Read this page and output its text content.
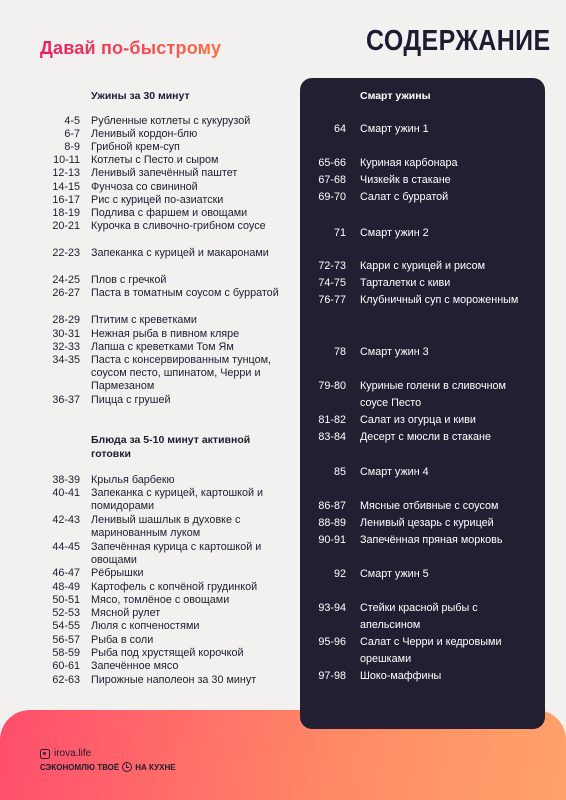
Давай по-быстрому	СОДЕРЖАНИЕ
Ужины за 30 минут
4-5 Рубленные котлеты с кукурузой
6-7 Ленивый кордон-блю
8-9 Грибной крем-суп
10-11 Котлеты с Песто и сыром
12-13 Ленивый запечённый паштет
14-15 Фунчоза со свининой
16-17 Рис с курицей по-азиатски
18-19 Подлива с фаршем и овощами
20-21 Курочка в сливочно-грибном соусе
22-23 Запеканка с курицей и макаронами
24-25 Плов с гречкой
26-27 Паста в томатным соусом с бурратой
28-29 Птитим с креветками
30-31 Нежная рыба в пивном кляре
32-33 Лапша с креветками Том Ям
34-35 Паста с консервированным тунцом, соусом песто, шпинатом, Черри и Пармезаном
36-37 Пицца с грушей
Блюда за 5-10 минут активной готовки
38-39 Крылья барбекю
40-41 Запеканка с курицей, картошкой и помидорами
42-43 Ленивый шашлык в духовке с маринованным луком
44-45 Запечённая курица с картошкой и овощами
46-47 Рёбрышки
48-49 Картофель с копчёной грудинкой
50-51 Мясо, томлёное с овощами
52-53 Мясной рулет
54-55 Люля с копченостями
56-57 Рыба в соли
58-59 Рыба под хрустящей корочкой
60-61 Запечённое мясо
62-63 Пирожные наполеон за 30 минут
Смарт ужины
64 Смарт ужин 1
65-66 Куриная карбонара
67-68 Чизкейк в стакане
69-70 Салат с бурратой
71 Смарт ужин 2
72-73 Карри с курицей и рисом
74-75 Тарталетки с киви
76-77 Клубничный суп с мороженным
78 Смарт ужин 3
79-80 Куриные голени в сливочном соусе Песто
81-82 Салат из огурца и киви
83-84 Десерт с мюсли в стакане
85 Смарт ужин 4
86-87 Мясные отбивные с соусом
88-89 Ленивый цезарь с курицей
90-91 Запечённая пряная морковь
92 Смарт ужин 5
93-94 Стейки красной рыбы с апельсином
95-96 Салат с Черри и кедровыми орешками
97-98 Шоко-маффины
irova.life
СЭКОНОМЛЮ ТВОЁ НА КУХНЕ
